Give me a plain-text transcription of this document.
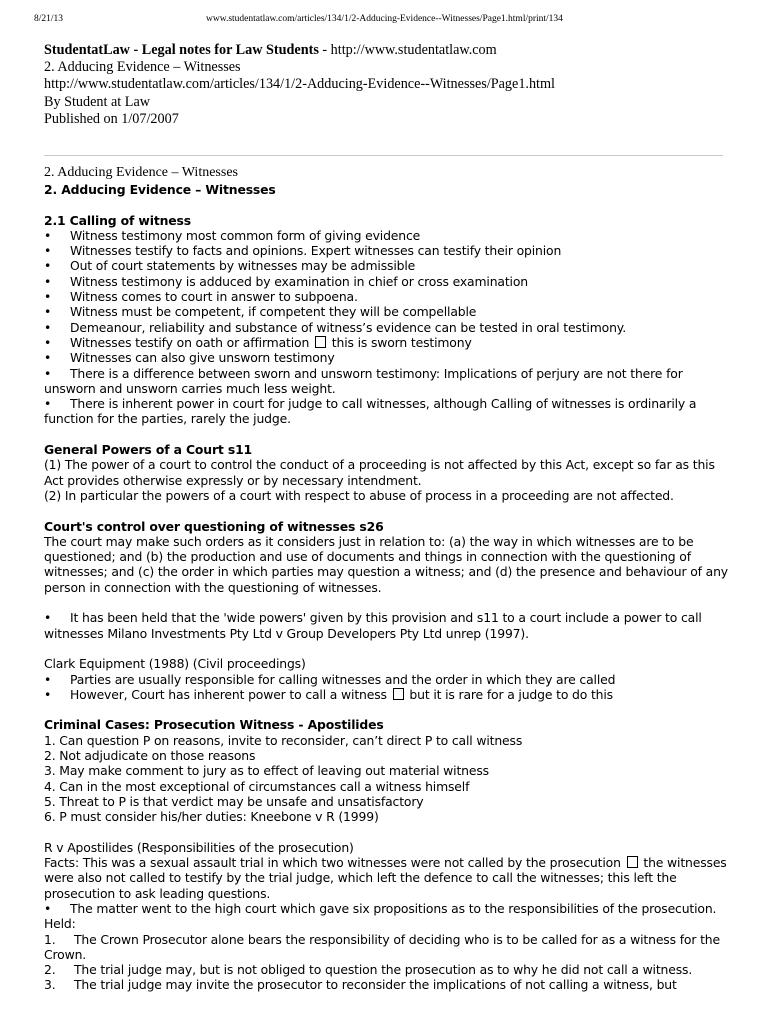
8/21/13	www.studentatlaw.com/articles/134/1/2-Adducing-Evidence--Witnesses/Page1.html/print/134
StudentatLaw - Legal notes for Law Students - http://www.studentatlaw.com
2. Adducing Evidence – Witnesses
http://www.studentatlaw.com/articles/134/1/2-Adducing-Evidence--Witnesses/Page1.html
By Student at Law
Published on 1/07/2007
2. Adducing Evidence – Witnesses

2. Adducing Evidence – Witnesses

2.1 Calling of witness

•	Witness testimony most common form of giving evidence
•	Witnesses testify to facts and opinions. Expert witnesses can testify their opinion
•	Out of court statements by witnesses may be admissible
•	Witness testimony is adduced by examination in chief or cross examination
•	Witness comes to court in answer to subpoena.
•	Witness must be competent, if competent they will be compellable
•	Demeanour, reliability and substance of witness’s evidence can be tested in oral testimony.
•	Witnesses testify on oath or affirmation this is sworn testimony
•	Witnesses can also give unsworn testimony
• There is a difference between sworn and unsworn testimony: Implications of perjury are not there for unsworn and unsworn carries much less weight.
• There is inherent power in court for judge to call witnesses, although Calling of witnesses is ordinarily a function for the parties, rarely the judge.

General Powers of a Court s11

(1) The power of a court to control the conduct of a proceeding is not affected by this Act, except so far as this Act provides otherwise expressly or by necessary intendment.

(2) In particular the powers of a court with respect to abuse of process in a proceeding are not affected.

Court's control over questioning of witnesses s26

The court may make such orders as it considers just in relation to: (a) the way in which witnesses are to be questioned; and (b) the production and use of documents and things in connection with the questioning of witnesses; and (c) the order in which parties may question a witness; and (d) the presence and behaviour of any person in connection with the questioning of witnesses.

• It has been held that the 'wide powers' given by this provision and s11 to a court include a power to call witnesses Milano Investments Pty Ltd v Group Developers Pty Ltd unrep (1997).

Clark Equipment (1988) (Civil proceedings)

•	Parties are usually responsible for calling witnesses and the order in which they are called
•	However, Court has inherent power to call a witness but it is rare for a judge to do this

Criminal Cases: Prosecution Witness - Apostilides

1. Can question P on reasons, invite to reconsider, can’t direct P to call witness

2. Not adjudicate on those reasons

3. May make comment to jury as to effect of leaving out material witness

4. Can in the most exceptional of circumstances call a witness himself

5. Threat to P is that verdict may be unsafe and unsatisfactory

6. P must consider his/her duties: Kneebone v R (1999)

R v Apostilides (Responsibilities of the prosecution)

Facts: This was a sexual assault trial in which two witnesses were not called by the prosecution the witnesses were also not called to testify by the trial judge, which left the defence to call the witnesses; this left the prosecution to ask leading questions.

• The matter went to the high court which gave six propositions as to the responsibilities of the prosecution.

Held:

1. The Crown Prosecutor alone bears the responsibility of deciding who is to be called for as a witness for the Crown.
2. The trial judge may, but is not obliged to question the prosecution as to why he did not call a witness.
3. The trial judge may invite the prosecutor to reconsider the implications of not calling a witness, but
